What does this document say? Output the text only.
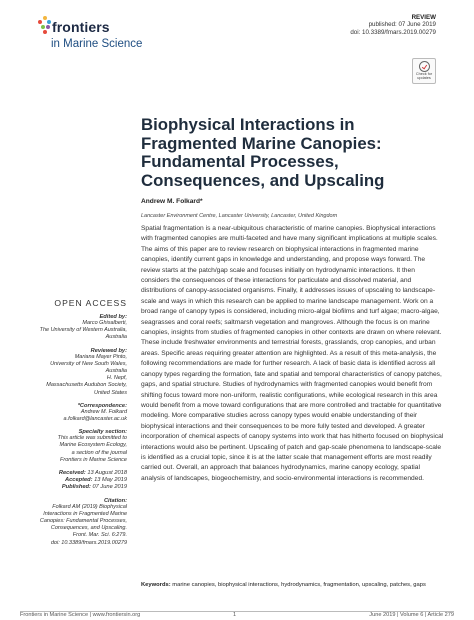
frontiers
in Marine Science
REVIEW
published: 07 June 2019
doi: 10.3389/fmars.2019.00279
Check for
updates
Biophysical Interactions in Fragmented Marine Canopies: Fundamental Processes, Consequences, and Upscaling
Andrew M. Folkard*
Lancaster Environment Centre, Lancaster University, Lancaster, United Kingdom

Spatial fragmentation is a near-ubiquitous characteristic of marine canopies. Biophysical interactions with fragmented canopies are multi-faceted and have many significant implications at multiple scales. The aims of this paper are to review research on biophysical interactions in fragmented marine canopies, identify current gaps in knowledge and understanding, and propose ways forward. The review starts at the patch/gap scale and focuses initially on hydrodynamic interactions. It then considers the consequences of these interactions for particulate and dissolved material, and distributions of canopy-associated organisms. Finally, it addresses issues of upscaling to landscape-scale and ways in which this research can be applied to marine landscape management. Work on a broad range of canopy types is considered, including micro-algal biofilms and turf algae; macro-algae, seagrasses and coral reefs; saltmarsh vegetation and mangroves. Although the focus is on marine canopies, insights from studies of fragmented canopies in other contexts are drawn on where relevant. These include freshwater environments and terrestrial forests, grasslands, crop canopies, and urban areas. Specific areas requiring greater attention are highlighted. As a result of this meta-analysis, the following recommendations are made for further research. A lack of basic data is identified across all canopy types regarding the formation, fate and spatial and temporal characteristics of canopy patches, gaps, and spatial structure. Studies of hydrodynamics with fragmented canopies would benefit from shifting focus toward more non-uniform, realistic configurations, while ecological research in this area would benefit from a move toward configurations that are more controlled and tractable for quantitative modeling. More comparative studies across canopy types would enable understanding of their biophysical interactions and their consequences to be more fully tested and developed. A greater incorporation of chemical aspects of canopy systems into work that has hitherto focused on biophysical interactions would also be pertinent. Upscaling of patch and gap-scale phenomena to landscape-scale is identified as a crucial topic, since it is at the latter scale that management efforts are most readily carried out. Overall, an approach that balances hydrodynamics, marine canopy ecology, spatial analysis of landscapes, biogeochemistry, and socio-environmental interactions is recommended.

Keywords: marine canopies, biophysical interactions, hydrodynamics, fragmentation, upscaling, patches, gaps
OPEN ACCESS
Edited by:
Marco Ghisalberti,
The University of Western Australia,
Australia
Reviewed by:
Mariana Mayer Pinto,
University of New South Wales,
Australia
H. Nepf,
Massachusetts Audubon Society,
United States
*Correspondence:
Andrew M. Folkard
a.folkard@lancaster.ac.uk
Specialty section:
This article was submitted to
Marine Ecosystem Ecology,
a section of the journal
Frontiers in Marine Science
Received: 13 August 2018
Accepted: 13 May 2019
Published: 07 June 2019
Citation:
Folkard AM (2019) Biophysical
Interactions in Fragmented Marine
Canopies: Fundamental Processes,
Consequences, and Upscaling.
Front. Mar. Sci. 6:279.
doi: 10.3389/fmars.2019.00279
Frontiers in Marine Science | www.frontiersin.org	1	June 2019 | Volume 6 | Article 279
